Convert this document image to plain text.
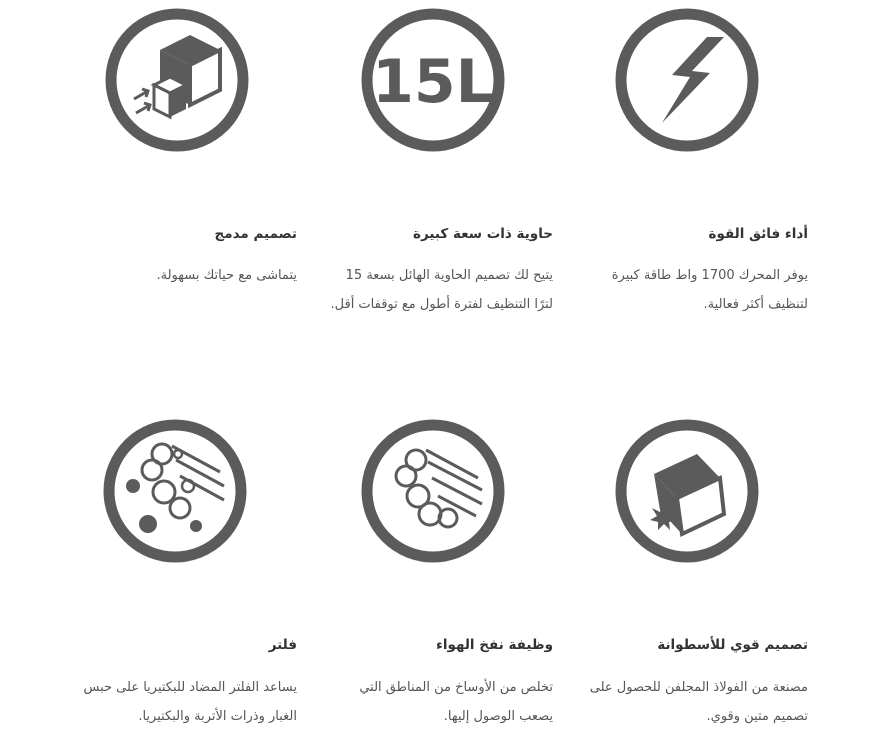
أداء فائق القوة
يوفر المحرك 1700 واط طاقة كبيرة لتنظيف أكثر فعالية.
15L
حاوية ذات سعة كبيرة
يتيح لك تصميم الحاوية الهائل بسعة 15 لترًا التنظيف لفترة أطول مع توقفات أقل.
تصميم مدمج
يتماشى مع حياتك بسهولة.
تصميم قوي للأسطوانة
مصنعة من الفولاذ المجلفن للحصول على تصميم متين وقوي.
وظيفة نفخ الهواء
تخلص من الأوساخ من المناطق التي يصعب الوصول إليها.
فلتر
يساعد الفلتر المضاد للبكتيريا على حبس الغبار وذرات الأتربة والبكتيريا.
